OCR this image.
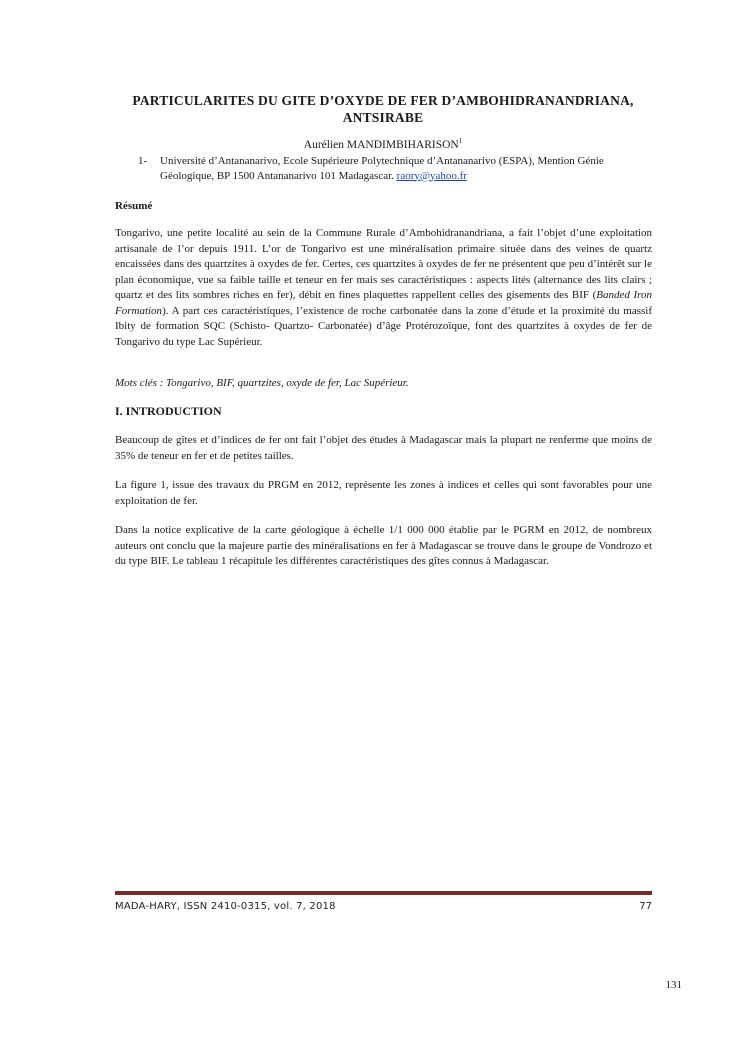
PARTICULARITES DU GITE D’OXYDE DE FER D’AMBOHIDRANANDRIANA, ANTSIRABE
Aurélien MANDIMBIHARISON$^1$
1- Université d’Antananarivo, Ecole Supérieure Polytechnique d’Antananarivo (ESPA), Mention Génie Géologique, BP 1500 Antananarivo 101 Madagascar. raory@yahoo.fr
Résumé
Tongarivo, une petite localité au sein de la Commune Rurale d’Ambohidranandriana, a fait l’objet d’une exploitation artisanale de l’or depuis 1911. L’or de Tongarivo est une minéralisation primaire située dans des veines de quartz encaissées dans des quartzites à oxydes de fer. Certes, ces quartzites à oxydes de fer ne présentent que peu d’intérêt sur le plan économique, vue sa faible taille et teneur en fer mais ses caractéristiques : aspects lités (alternance des lits clairs ; quartz et des lits sombres riches en fer), débit en fines plaquettes rappellent celles des gisements des BIF (Banded Iron Formation). A part ces caractéristiques, l’existence de roche carbonatée dans la zone d’étude et la proximité du massif Ibity de formation SQC (Schisto- Quartzo- Carbonatée) d’âge Protérozoïque, font des quartzites à oxydes de fer de Tongarivo du type Lac Supérieur.
Mots clés : Tongarivo, BIF, quartzites, oxyde de fer, Lac Supérieur.
I. INTRODUCTION
Beaucoup de gîtes et d’indices de fer ont fait l’objet des études à Madagascar mais la plupart ne renferme que moins de 35% de teneur en fer et de petites tailles.
La figure 1, issue des travaux du PRGM en 2012, représente les zones à indices et celles qui sont favorables pour une exploitation de fer.
Dans la notice explicative de la carte géologique à échelle 1/1 000 000 établie par le PGRM en 2012, de nombreux auteurs ont conclu que la majeure partie des minéralisations en fer à Madagascar se trouve dans le groupe de Vondrozo et du type BIF. Le tableau 1 récapitule les différentes caractéristiques des gîtes connus à Madagascar.
MADA-HARY, ISSN 2410-0315, vol. 7, 2018	77
131
